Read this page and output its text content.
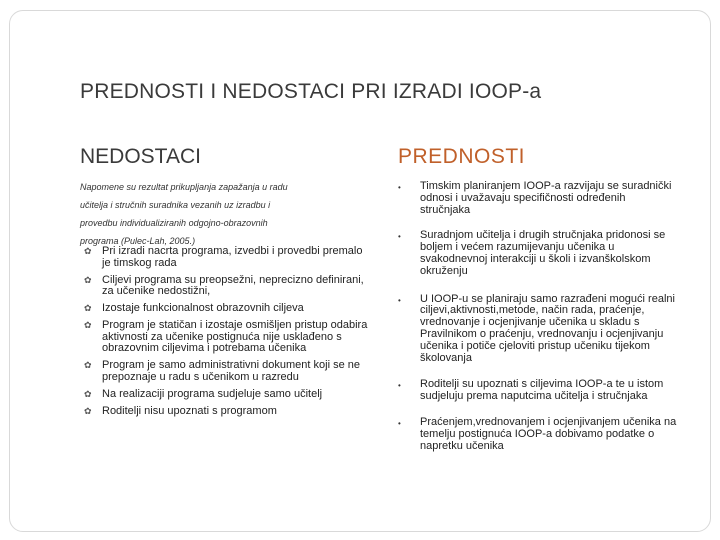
PREDNOSTI I NEDOSTACI PRI IZRADI IOOP-a
NEDOSTACI	PREDNOSTI
Napomene su rezultat prikupljanja zapažanja u radu
učitelja i stručnih suradnika vezanih uz izradbu i
provedbu individualiziranih odgojno-obrazovnih
programa (Pulec-Lah, 2005.)
✿ Pri izradi nacrta programa, izvedbi i provedbi premalo je timskog rada
✿ Ciljevi programa su preopsežni, neprecizno definirani, za učenike nedostižni,
✿ Izostaje funkcionalnost obrazovnih ciljeva
✿ Program je statičan i izostaje osmišljen pristup odabira aktivnosti za učenike postignuća nije usklađeno s obrazovnim ciljevima i potrebama učenika
✿ Program je samo administrativni dokument koji se ne prepoznaje u radu s učenikom u razredu
✿ Na realizaciji programa sudjeluje samo učitelj
✿ Roditelji nisu upoznati s programom
• Timskim planiranjem IOOP-a razvijaju se suradnički odnosi i uvažavaju specifičnosti određenih stručnjaka
• Suradnjom učitelja i drugih stručnjaka pridonosi se boljem i većem razumijevanju učenika u svakodnevnoj interakciji u školi i izvanškolskom okruženju
• U IOOP-u se planiraju samo razrađeni mogući realni ciljevi,aktivnosti,metode, način rada, praćenje, vrednovanje i ocjenjivanje učenika u skladu s Pravilnikom o praćenju, vrednovanju i ocjenjivanju učenika i potiče cjeloviti pristup učeniku tijekom školovanja
• Roditelji su upoznati s ciljevima IOOP-a te u istom sudjeluju prema naputcima učitelja i stručnjaka
• Praćenjem,vrednovanjem i ocjenjivanjem učenika na temelju postignuća IOOP-a dobivamo podatke o napretku učenika
